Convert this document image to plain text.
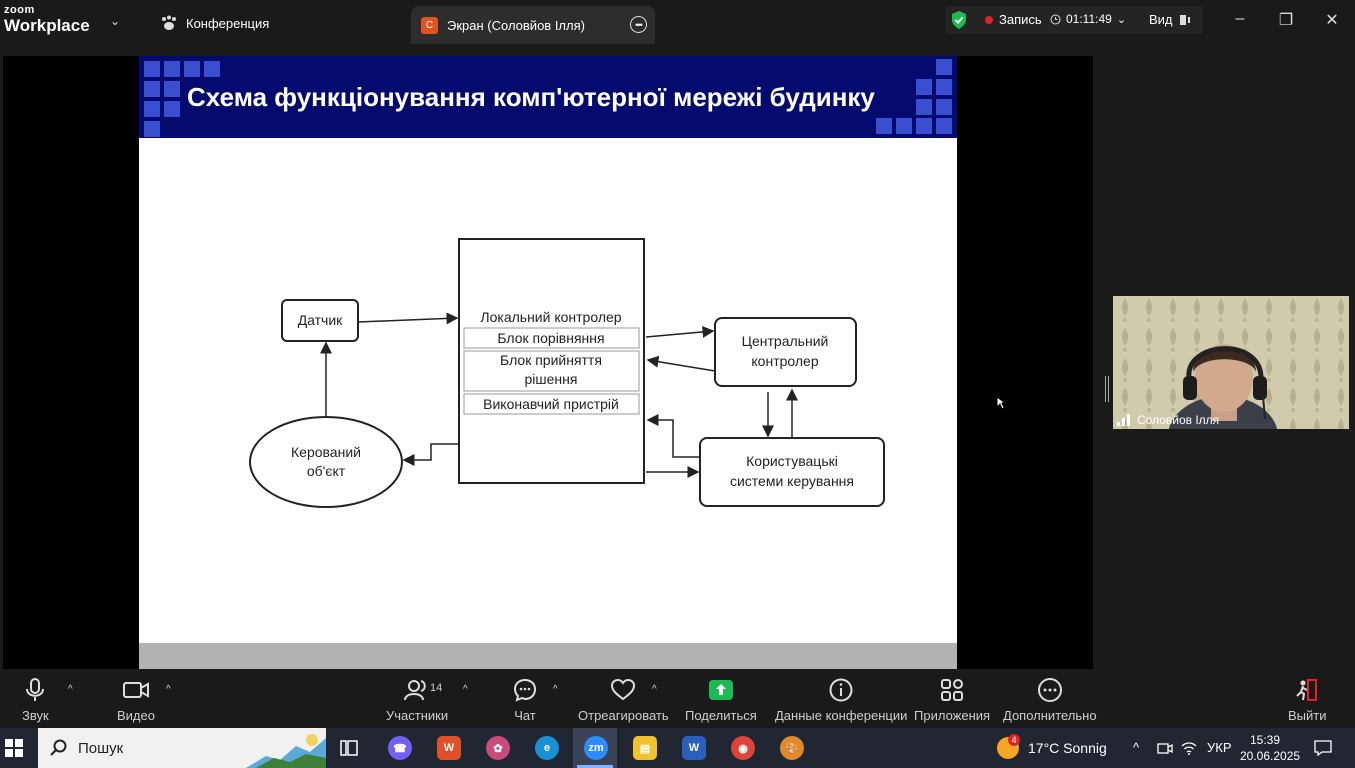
zoom
Workplace ⌄	Конференция	С	Экран (Соловйов Ілля)	•••	Запись 01:11:49 ⌄ Вид	–	❐ ✕
Схема функціонування комп'ютерної мережі будинку
Локальний контролер
Блок порівняння
Блок прийняття
рішення
Виконавчий пристрій
Датчик
Керований
об'єкт
Центральний
контролер
Користувацькі
системи керування
Соловйов Ілля
Звук
^
Видео
^
Участники
14 ^
Чат
^
Отреагировать
^
Поделиться Данные конференции Приложения Дополнительно	Выйти
Пошук	☎	W	✿	e	zm	▤	W	◉	🎨
4 17°C Sonnig ^	УКР	15:39
20.06.2025
